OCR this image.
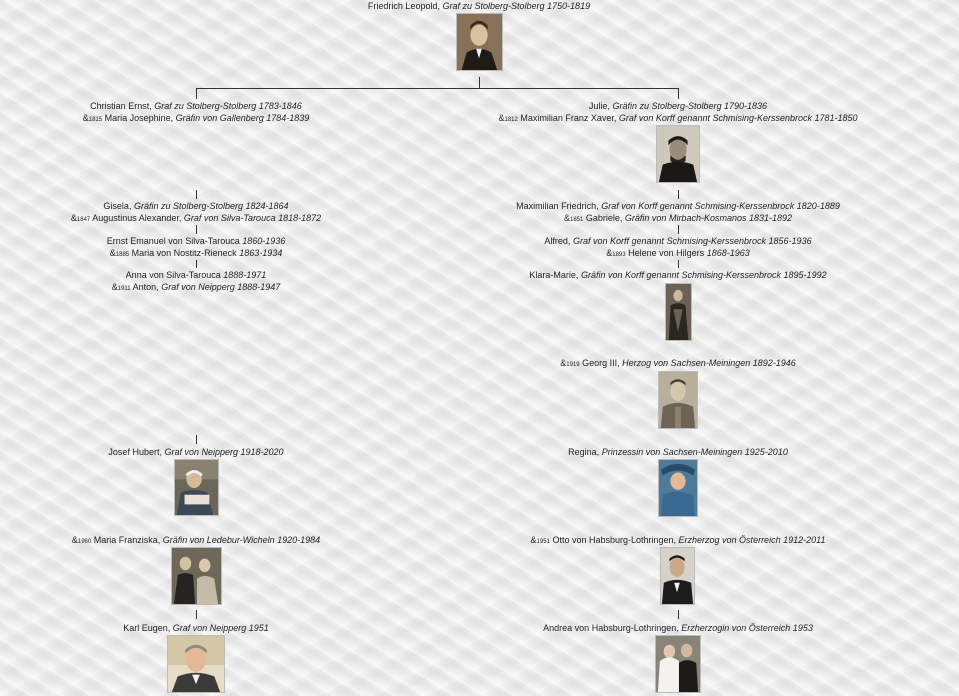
Friedrich Leopold, Graf zu Stolberg-Stolberg 1750-1819
Christian Ernst, Graf zu Stolberg-Stolberg 1783-1846
&1815 Maria Josephine, Gräfin von Gallenberg 1784-1839
Gisela, Gräfin zu Stolberg-Stolberg 1824-1864
&1847 Augustinus Alexander, Graf von Silva-Tarouca 1818-1872
Ernst Emanuel von Silva-Tarouca 1860-1936
&1885 Maria von Nostitz-Rieneck 1863-1934
Anna von Silva-Tarouca 1888-1971
&1911 Anton, Graf von Neipperg 1888-1947
Josef Hubert, Graf von Neipperg 1918-2020
&1960 Maria Franziska, Gräfin von Ledebur-Wicheln 1920-1984
Karl Eugen, Graf von Neipperg 1951
Julie, Gräfin zu Stolberg-Stolberg 1790-1836
&1812 Maximilian Franz Xaver, Graf von Korff genannt Schmising-Kerssenbrock 1781-1850
Maximilian Friedrich, Graf von Korff genannt Schmising-Kerssenbrock 1820-1889
&1851 Gabriele, Gräfin von Mirbach-Kosmanos 1831-1892
Alfred, Graf von Korff genannt Schmising-Kerssenbrock 1856-1936
&1893 Helene von Hilgers 1868-1963
Klara-Marie, Gräfin von Korff genannt Schmising-Kerssenbrock 1895-1992
&1919 Georg III, Herzog von Sachsen-Meiningen 1892-1946
Regina, Prinzessin von Sachsen-Meiningen 1925-2010
&1951 Otto von Habsburg-Lothringen, Erzherzog von Österreich 1912-2011
Andrea von Habsburg-Lothringen, Erzherzogin von Österreich 1953
